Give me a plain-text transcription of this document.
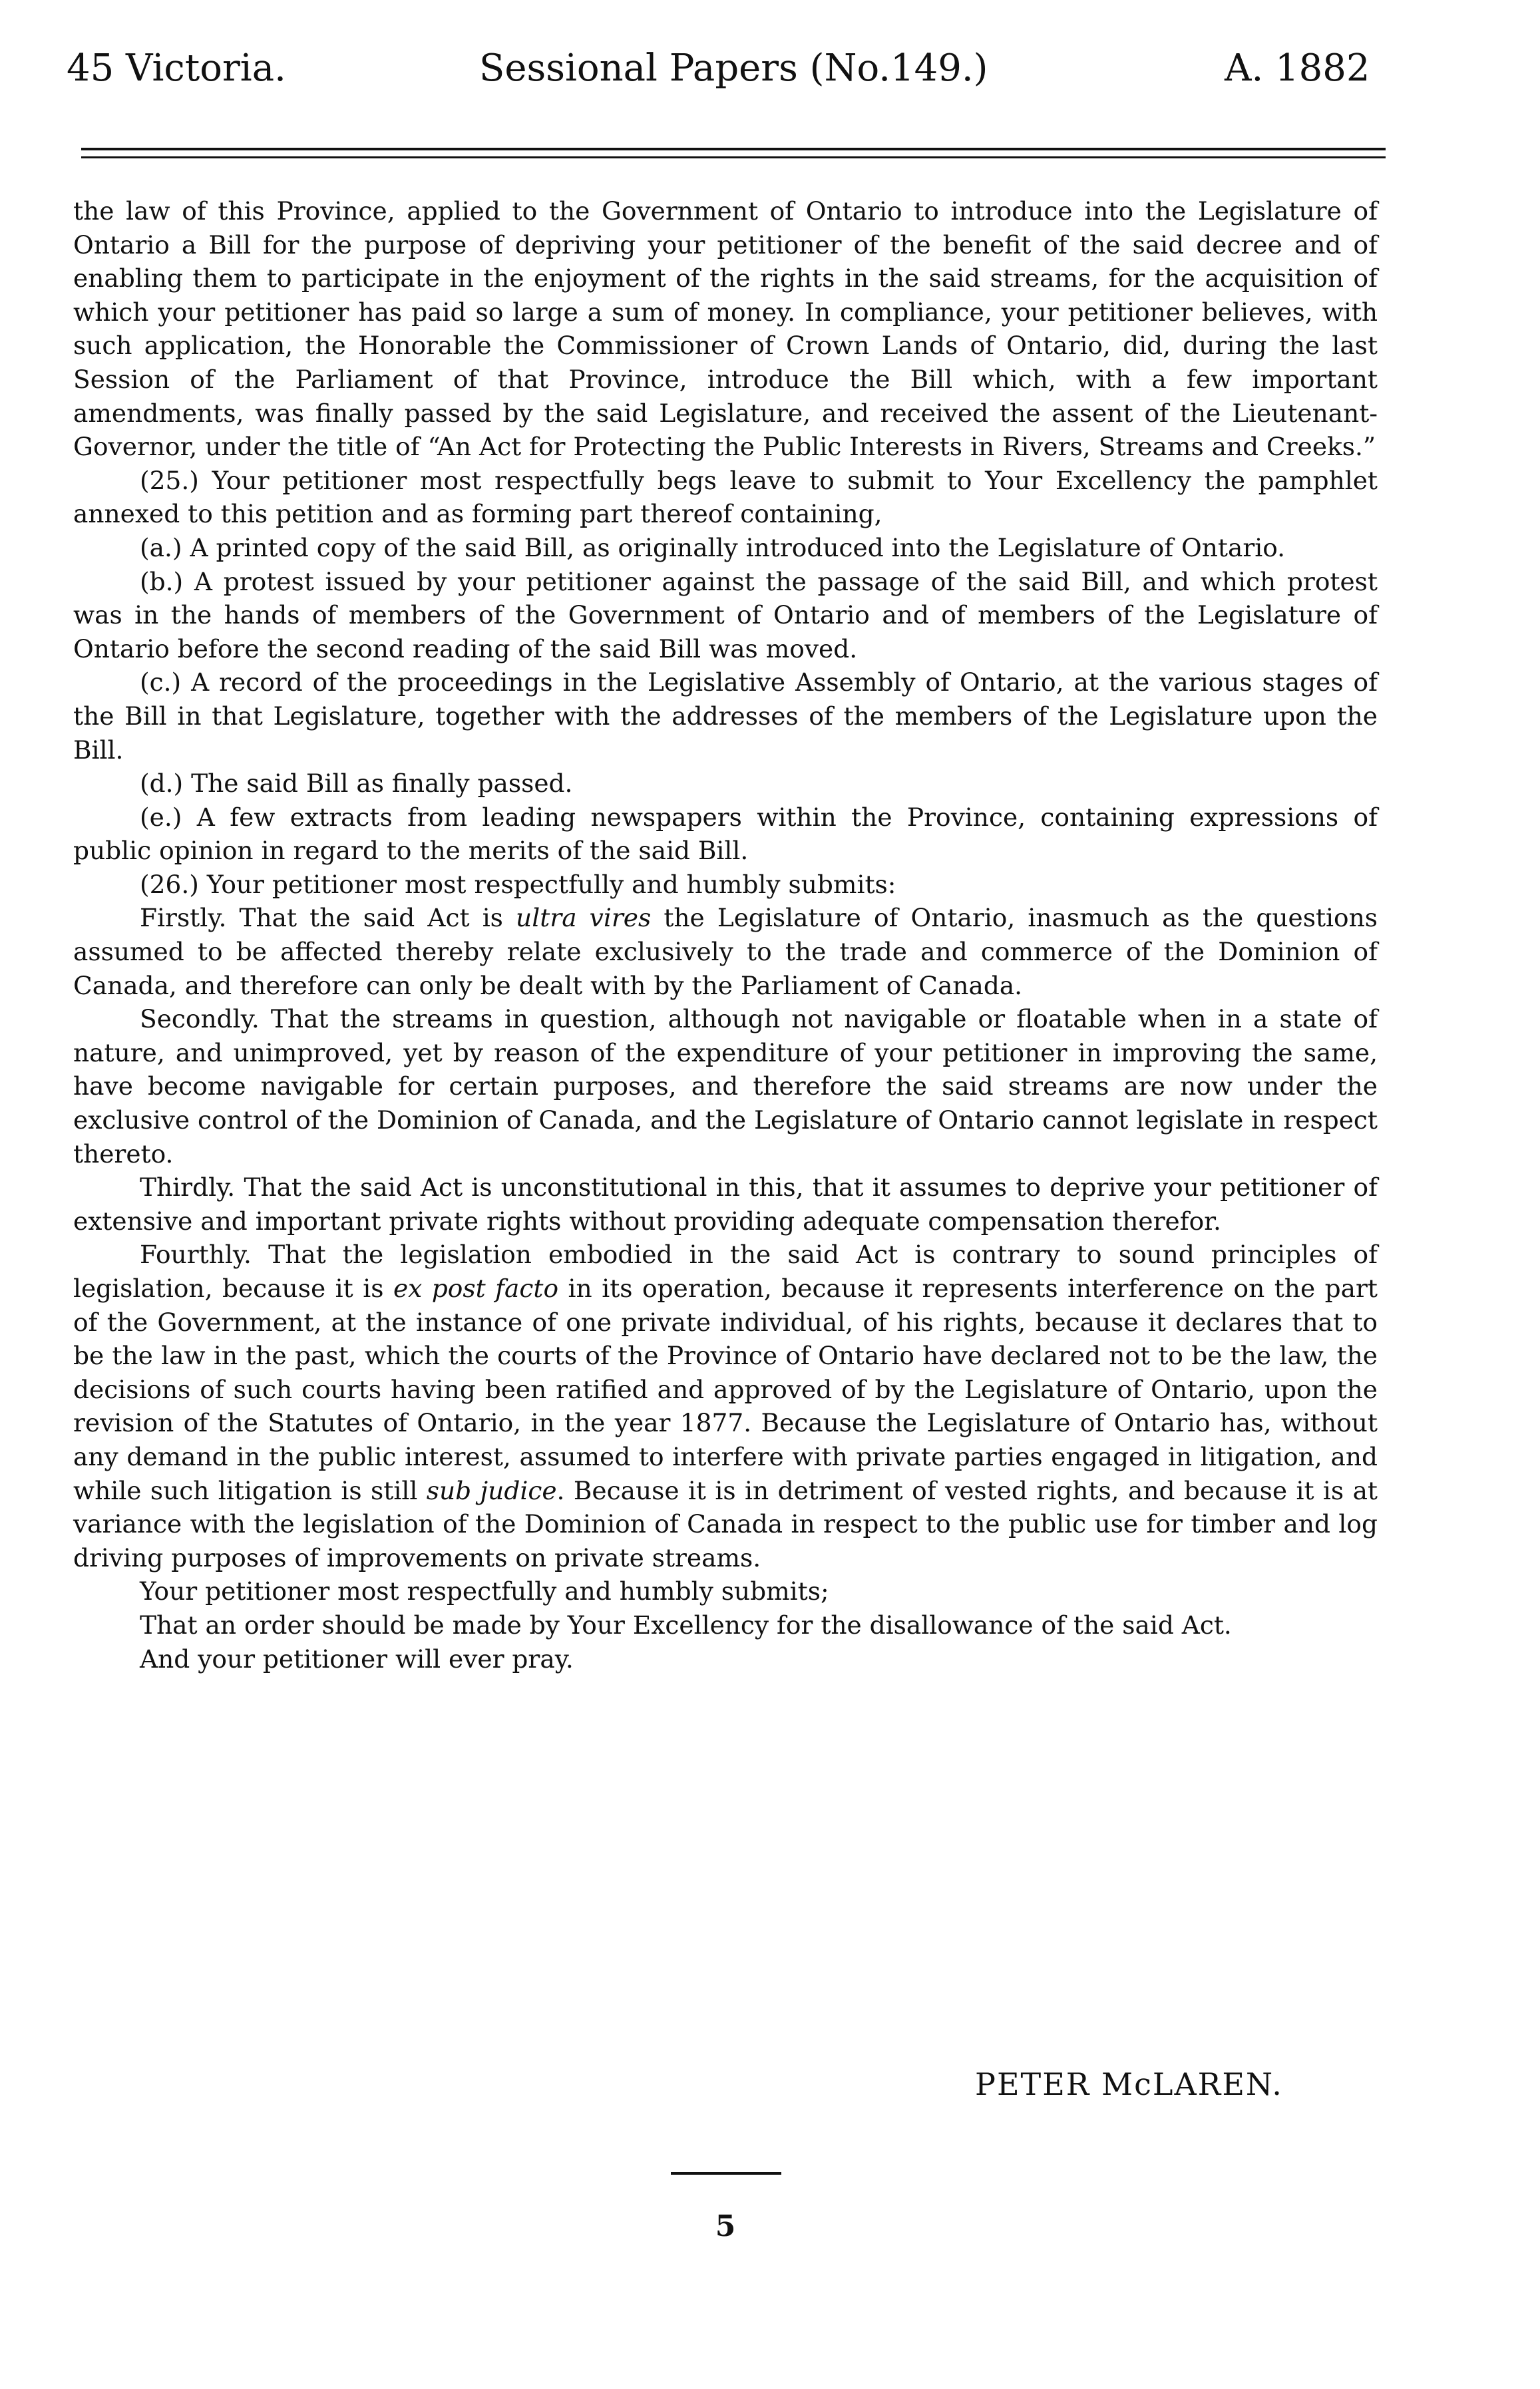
45 Victoria.	Sessional Papers (No.149.)	A. 1882

the law of this Province, applied to the Government of Ontario to introduce into the Legislature of Ontario a Bill for the purpose of depriving your petitioner of the benefit of the said decree and of enabling them to participate in the enjoyment of the rights in the said streams, for the acquisition of which your petitioner has paid so large a sum of money. In compliance, your petitioner believes, with such application, the Honorable the Commissioner of Crown Lands of Ontario, did, during the last Session of the Parliament of that Province, introduce the Bill which, with a few important amendments, was finally passed by the said Legislature, and received the assent of the Lieutenant-Governor, under the title of “An Act for Protecting the Public Interests in Rivers, Streams and Creeks.”

(25.) Your petitioner most respectfully begs leave to submit to Your Excellency the pamphlet annexed to this petition and as forming part thereof containing,

(a.) A printed copy of the said Bill, as originally introduced into the Legislature of Ontario.

(b.) A protest issued by your petitioner against the passage of the said Bill, and which protest was in the hands of members of the Government of Ontario and of members of the Legislature of Ontario before the second reading of the said Bill was moved.

(c.) A record of the proceedings in the Legislative Assembly of Ontario, at the various stages of the Bill in that Legislature, together with the addresses of the members of the Legislature upon the Bill.

(d.) The said Bill as finally passed.

(e.) A few extracts from leading newspapers within the Province, containing expressions of public opinion in regard to the merits of the said Bill.

(26.) Your petitioner most respectfully and humbly submits:

Firstly. That the said Act is ultra vires the Legislature of Ontario, inasmuch as the questions assumed to be affected thereby relate exclusively to the trade and commerce of the Dominion of Canada, and therefore can only be dealt with by the Parliament of Canada.

Secondly. That the streams in question, although not navigable or floatable when in a state of nature, and unimproved, yet by reason of the expenditure of your petitioner in improving the same, have become navigable for certain purposes, and therefore the said streams are now under the exclusive control of the Dominion of Canada, and the Legislature of Ontario cannot legislate in respect thereto.

Thirdly. That the said Act is unconstitutional in this, that it assumes to deprive your petitioner of extensive and important private rights without providing adequate compensation therefor.

Fourthly. That the legislation embodied in the said Act is contrary to sound principles of legislation, because it is ex post facto in its operation, because it represents interference on the part of the Government, at the instance of one private individual, of his rights, because it declares that to be the law in the past, which the courts of the Province of Ontario have declared not to be the law, the decisions of such courts having been ratified and approved of by the Legislature of Ontario, upon the revision of the Statutes of Ontario, in the year 1877. Because the Legislature of Ontario has, without any demand in the public interest, assumed to interfere with private parties engaged in litigation, and while such litigation is still sub judice. Because it is in detriment of vested rights, and because it is at variance with the legislation of the Dominion of Canada in respect to the public use for timber and log driving purposes of improvements on private streams.

Your petitioner most respectfully and humbly submits;

That an order should be made by Your Excellency for the disallowance of the said Act.

And your petitioner will ever pray.

PETER McLAREN.
5
